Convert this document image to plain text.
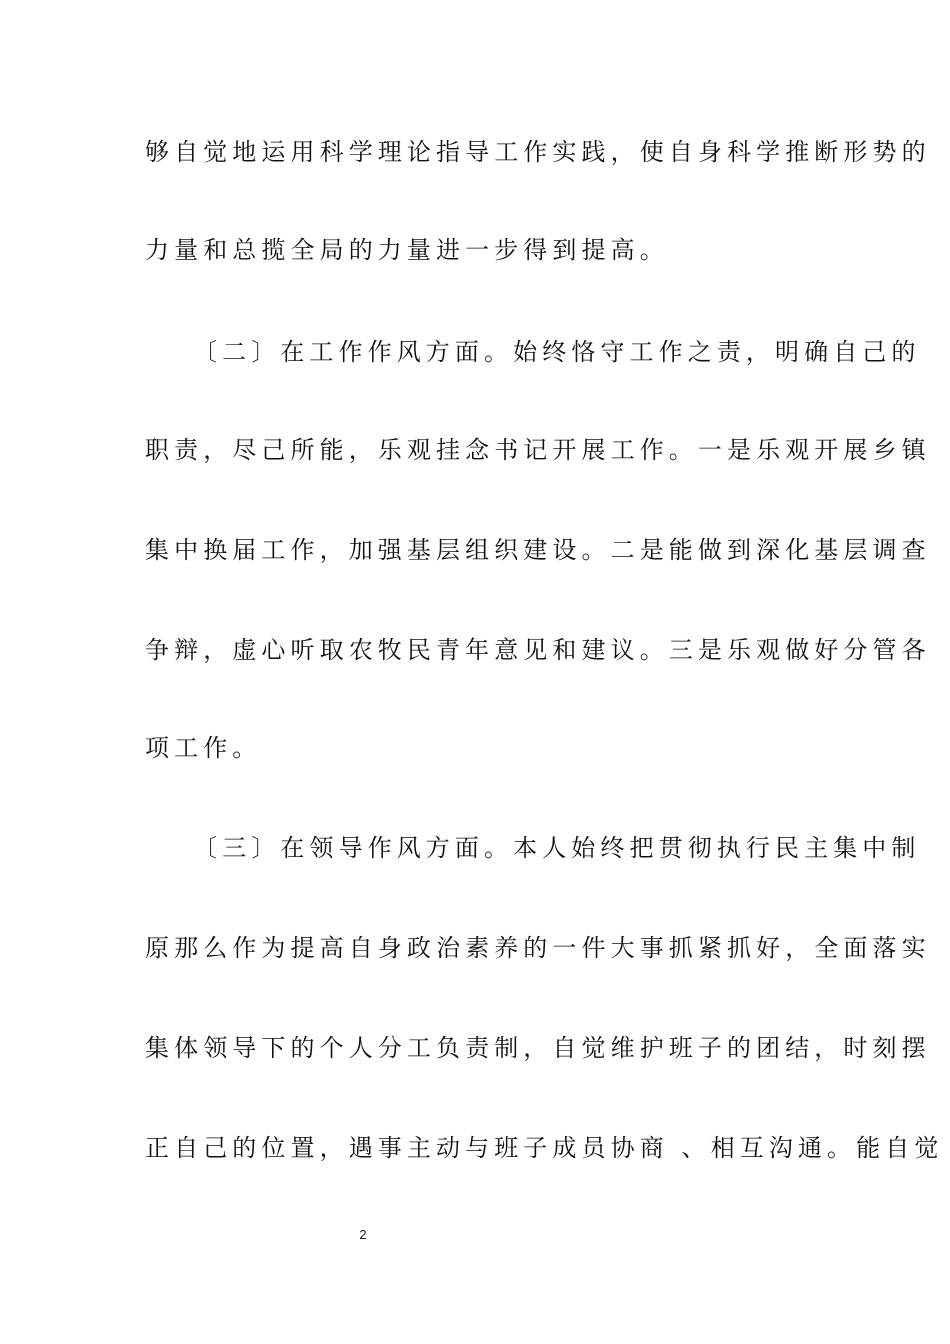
够自觉地运用科学理论指导工作实践，使自身科学推断形势的
力量和总揽全局的力量进一步得到提高。
〔二〕在工作作风方面。始终恪守工作之责，明确自己的
职责，尽己所能，乐观挂念书记开展工作。一是乐观开展乡镇
集中换届工作，加强基层组织建设。二是能做到深化基层调查
争辩，虚心听取农牧民青年意见和建议。三是乐观做好分管各
项工作。
〔三〕在领导作风方面。本人始终把贯彻执行民主集中制
原那么作为提高自身政治素养的一件大事抓紧抓好，全面落实
集体领导下的个人分工负责制，自觉维护班子的团结，时刻摆
正自己的位置，遇事主动与班子成员协商 、相互沟通。能自觉
2
